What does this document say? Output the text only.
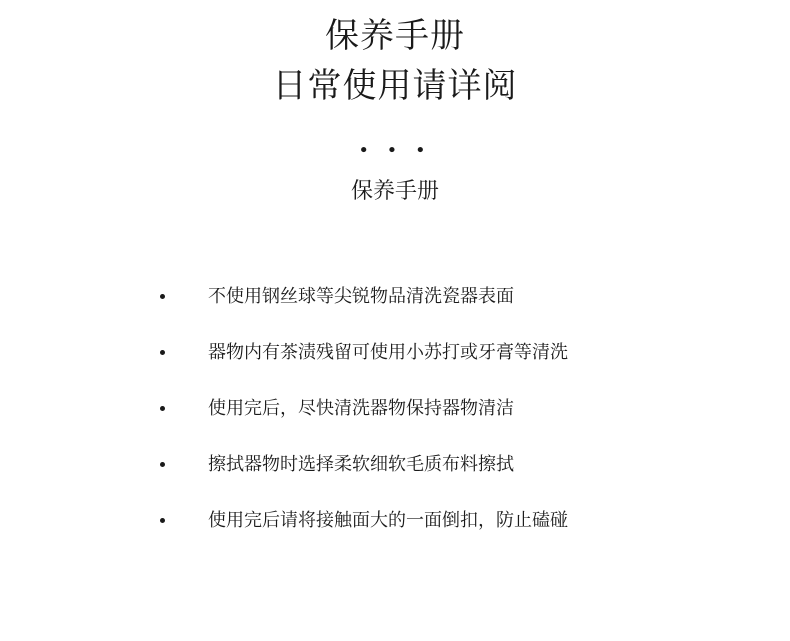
保养手册
日常使用请详阅
• • •
保养手册
不使用钢丝球等尖锐物品清洗瓷器表面
器物内有茶渍残留可使用小苏打或牙膏等清洗
使用完后，尽快清洗器物保持器物清洁
擦拭器物时选择柔软细软毛质布料擦拭
使用完后请将接触面大的一面倒扣，防止磕碰
